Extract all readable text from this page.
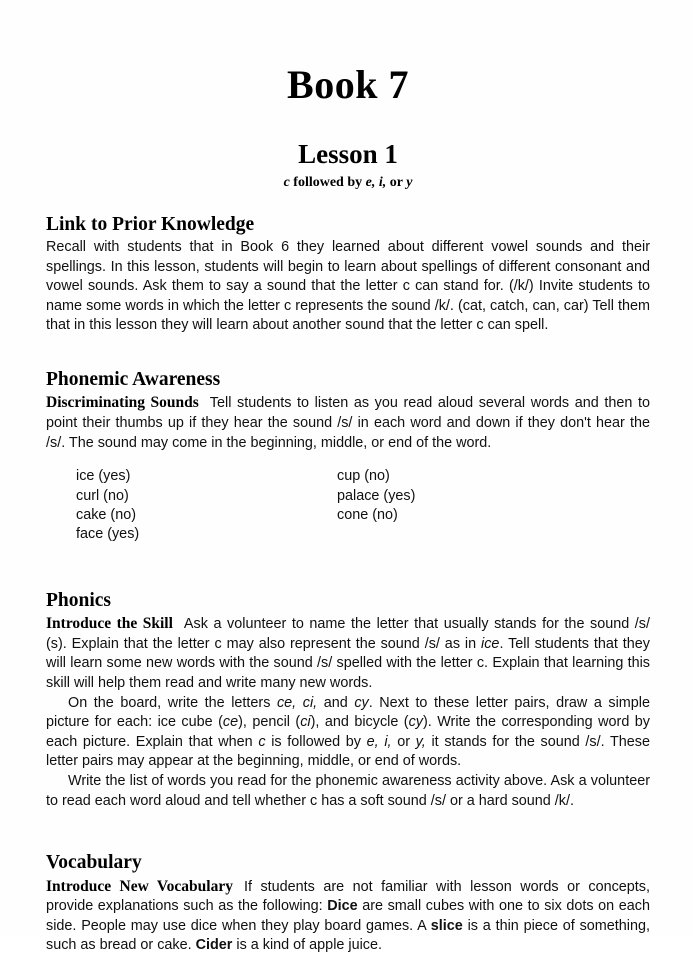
Book 7
Lesson 1
c followed by e, i, or y
Link to Prior Knowledge

Recall with students that in Book 6 they learned about different vowel sounds and their spellings. In this lesson, students will begin to learn about spellings of different consonant and vowel sounds. Ask them to say a sound that the letter c can stand for. (/k/) Invite students to name some words in which the letter c represents the sound /k/. (cat, catch, can, car) Tell them that in this lesson they will learn about another sound that the letter c can spell.

Phonemic Awareness

Discriminating Sounds Tell students to listen as you read aloud several words and then to point their thumbs up if they hear the sound /s/ in each word and down if they don't hear the /s/. The sound may come in the beginning, middle, or end of the word.

ice (yes)
curl (no)
cake (no)
face (yes)
cup (no)
palace (yes)
cone (no)
Phonics

Introduce the Skill Ask a volunteer to name the letter that usually stands for the sound /s/ (s). Explain that the letter c may also represent the sound /s/ as in ice. Tell students that they will learn some new words with the sound /s/ spelled with the letter c. Explain that learning this skill will help them read and write many new words.

On the board, write the letters ce, ci, and cy. Next to these letter pairs, draw a simple picture for each: ice cube (ce), pencil (ci), and bicycle (cy). Write the corresponding word by each picture. Explain that when c is followed by e, i, or y, it stands for the sound /s/. These letter pairs may appear at the beginning, middle, or end of words.

Write the list of words you read for the phonemic awareness activity above. Ask a volunteer to read each word aloud and tell whether c has a soft sound /s/ or a hard sound /k/.

Vocabulary

Introduce New Vocabulary If students are not familiar with lesson words or concepts, provide explanations such as the following: Dice are small cubes with one to six dots on each side. People may use dice when they play board games. A slice is a thin piece of something, such as bread or cake. Cider is a kind of apple juice.
